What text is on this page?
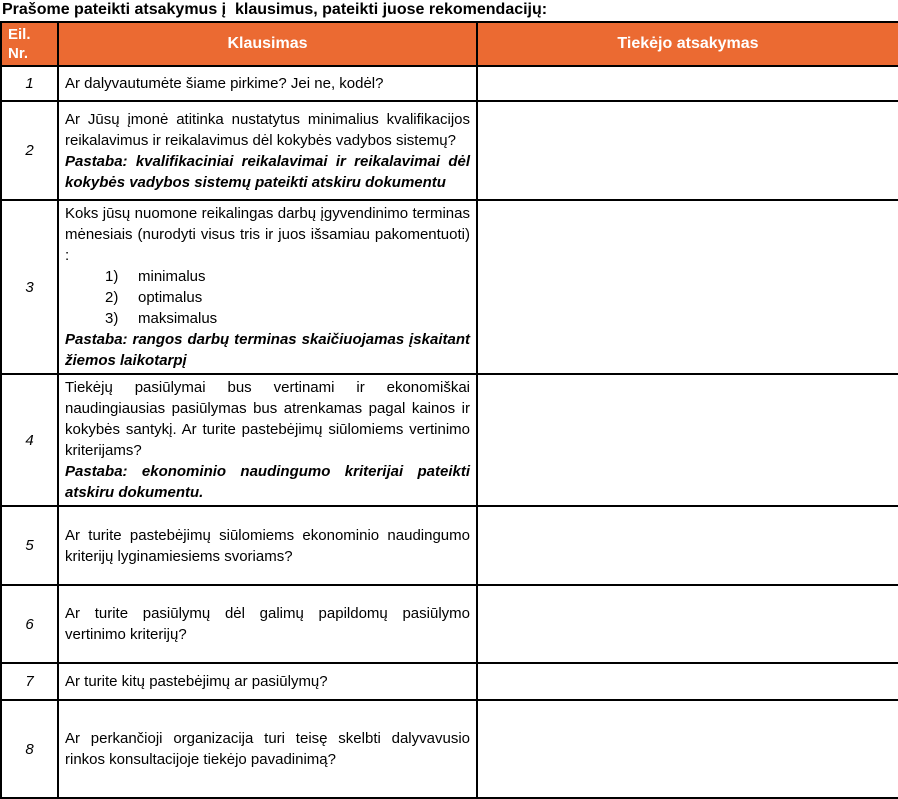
Prašome pateikti atsakymus į  klausimus, pateikti juose rekomendacijų:
Eil.
Nr.	Klausimas	Tiekėjo atsakymas
1	Ar dalyvautumėte šiame pirkime? Jei ne, kodėl?	

2	Ar Jūsų įmonė atitinka nustatytus minimalius kvalifikacijos reikalavimus ir reikalavimus dėl kokybės vadybos sistemų?
Pastaba: kvalifikaciniai reikalavimai ir reikalavimai dėl kokybės vadybos sistemų pateikti atskiru dokumentu	

3	Koks jūsų nuomone reikalingas darbų įgyvendinimo terminas mėnesiais (nurodyti visus tris ir juos išsamiau pakomentuoti) :
1) minimalus
2) optimalus
3) maksimalus
Pastaba: rangos darbų terminas skaičiuojamas įskaitant žiemos laikotarpį	

4	Tiekėjų pasiūlymai bus vertinami ir ekonomiškai naudingiausias pasiūlymas bus atrenkamas pagal kainos ir kokybės santykį. Ar turite pastebėjimų siūlomiems vertinimo kriterijams?
Pastaba: ekonominio naudingumo kriterijai pateikti atskiru dokumentu.	

5	Ar turite pastebėjimų siūlomiems ekonominio naudingumo kriterijų lyginamiesiems svoriams?	

6	Ar turite pasiūlymų dėl galimų papildomų pasiūlymo vertinimo kriterijų?	

7	Ar turite kitų pastebėjimų ar pasiūlymų?	

8	Ar perkančioji organizacija turi teisę skelbti dalyvavusio rinkos konsultacijoje tiekėjo pavadinimą?	
